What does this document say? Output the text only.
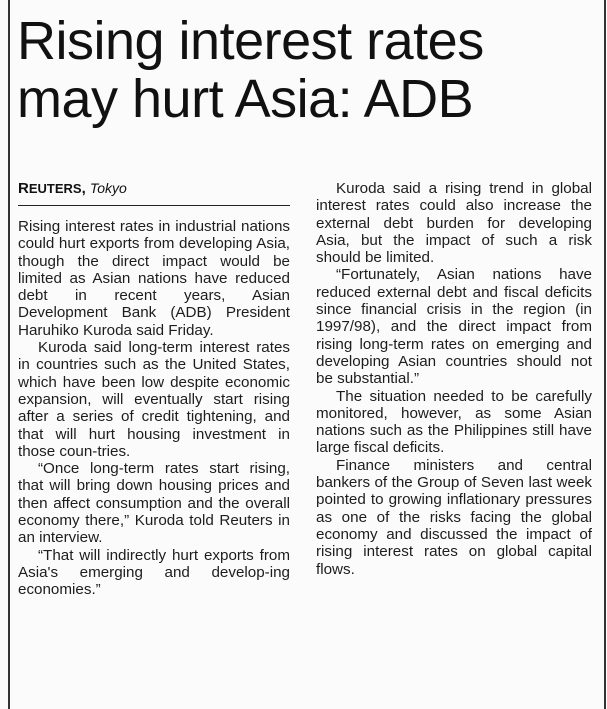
Rising interest rates
may hurt Asia: ADB
REUTERS, Tokyo

Rising interest rates in industrial nations could hurt exports from developing Asia, though the direct impact would be limited as Asian nations have reduced debt in recent years, Asian Development Bank (ADB) President Haruhiko Kuroda said Friday.

Kuroda said long-term interest rates in countries such as the United States, which have been low despite economic expansion, will eventually start rising after a series of credit tightening, and that will hurt housing investment in those coun-tries.

“Once long-term rates start rising, that will bring down housing prices and then affect consumption and the overall economy there,” Kuroda told Reuters in an interview.

“That will indirectly hurt exports from Asia's emerging and develop-ing economies.”

Kuroda said a rising trend in global interest rates could also increase the external debt burden for developing Asia, but the impact of such a risk should be limited.

“Fortunately, Asian nations have reduced external debt and fiscal deficits since financial crisis in the region (in 1997/98), and the direct impact from rising long-term rates on emerging and developing Asian countries should not be substantial.”

The situation needed to be carefully monitored, however, as some Asian nations such as the Philippines still have large fiscal deficits.

Finance ministers and central bankers of the Group of Seven last week pointed to growing inflationary pressures as one of the risks facing the global economy and discussed the impact of rising interest rates on global capital flows.
